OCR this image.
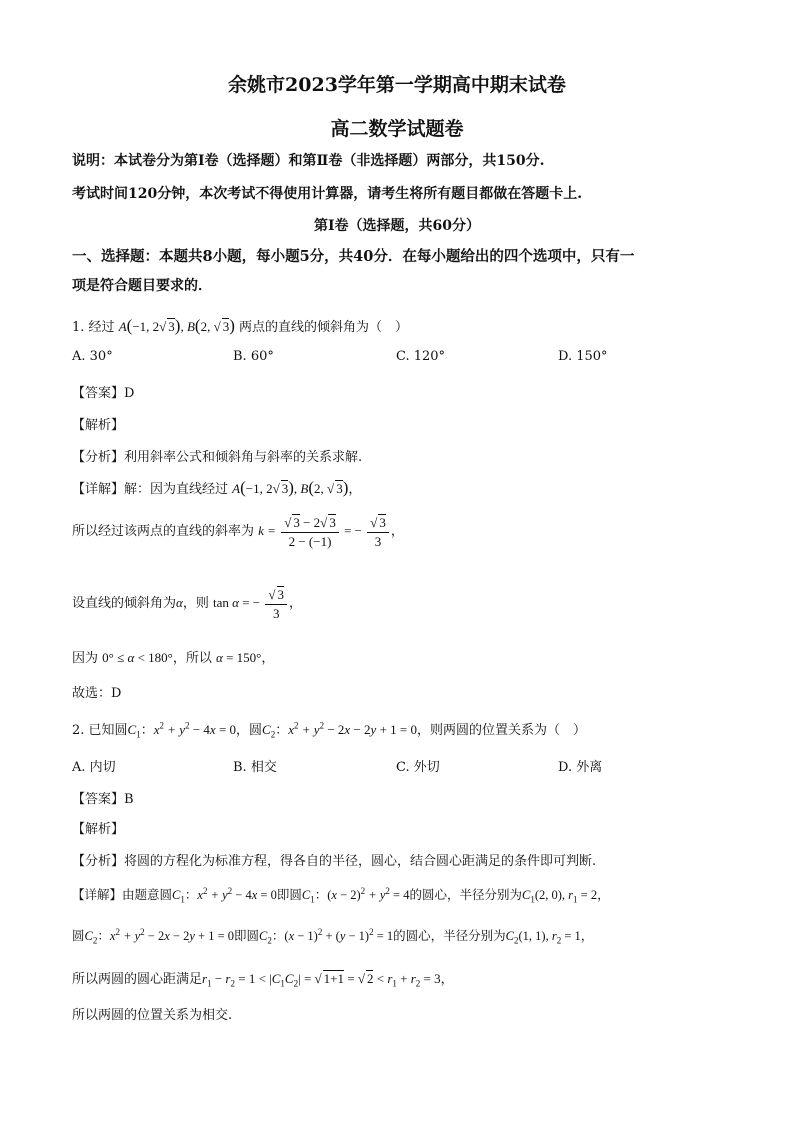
余姚市2023学年第一学期高中期末试卷
高二数学试题卷
说明：本试卷分为第Ⅰ卷（选择题）和第Ⅱ卷（非选择题）两部分，共150分.
考试时间120分钟，本次考试不得使用计算器，请考生将所有题目都做在答题卡上.
第Ⅰ卷（选择题，共60分）
一、选择题：本题共8小题，每小题5分，共40分．在每小题给出的四个选项中，只有一
项是符合题目要求的．
1. 经过 A(−1, 2√ 3), B(2, √ 3) 两点的直线的倾斜角为（　）
A. 30°	B. 60°	C. 120°	D. 150°
【答案】D
【解析】
【分析】利用斜率公式和倾斜角与斜率的关系求解.
【详解】解：因为直线经过 A(−1, 2√ 3), B(2, √ 3)，
所以经过该两点的直线的斜率为 $k = \frac{√ 3 - 2√ 3}{2 - (-1)}$ = − $\frac{√ 3}{3}$ ，
设直线的倾斜角为α，则 tan α = − $\frac{√ 3}{3}$ ，
因为 0° ≤ α < 180°，所以 α = 150°，
故选：D
2. 已知圆$C_1$：$x^2 + y^2 - 4x = 0$，圆$C_2$：$x^2 + y^2 - 2x - 2y + 1 = 0$，则两圆的位置关系为（　）
A. 内切	B. 相交	C. 外切	D. 外离
【答案】B
【解析】
【分析】将圆的方程化为标准方程，得各自的半径，圆心，结合圆心距满足的条件即可判断.
【详解】由题意圆$C_1$：$x^2 + y^2 - 4x = 0$即圆$C_1$：$(x - 2)^2 + y^2 = 4$的圆心，半径分别为$C_1(2$, 0), $r_1 = 2$，
圆$C_2$：$x^2 + y^2 - 2x - 2y + 1 = 0$即圆$C_2$：$(x - 1)^2 + (y - 1)^2 = 1$的圆心，半径分别为$C_2(1$, 1), $r_2 = 1$，
所以两圆的圆心距满足$r_1 - r_2 = 1 < |C_1C_2|$ = √ 1+1 = √ $2 < r_1 + r_2 = 3$，
所以两圆的位置关系为相交.
